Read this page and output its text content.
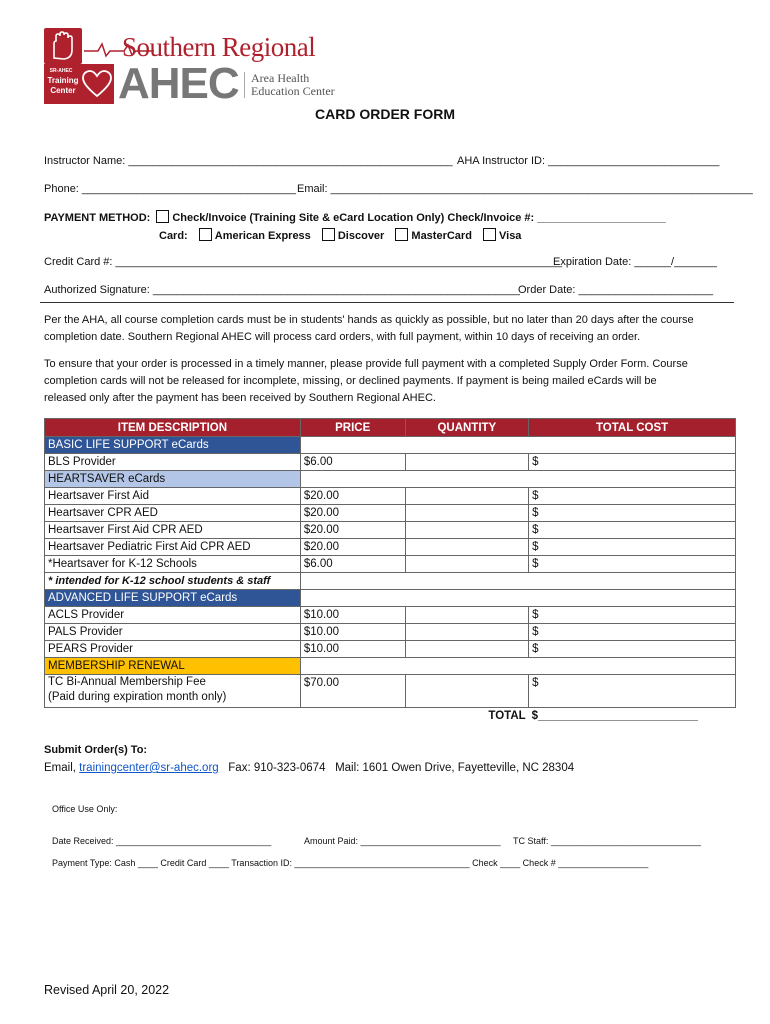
SR-AHEC
Training
Center
Southern Regional
AHEC Area Health
Education Center
CARD ORDER FORM
Instructor Name: _____________________________________________________ AHA Instructor ID: ____________________________
Phone: ___________________________________ Email: _____________________________________________________________________
PAYMENT METHOD: Check/Invoice (Training Site & eCard Location Only) Check/Invoice #: _____________________
Card: American Express Discover MasterCard Visa
Credit Card #: _________________________________________________________________________
Expiration Date: ______/_______
Authorized Signature: ____________________________________________________________
Order Date: ______________________
Per the AHA, all course completion cards must be in students' hands as quickly as possible, but no later than 20 days after the course
completion date. Southern Regional AHEC will process card orders, with full payment, within 10 days of receiving an order.
To ensure that your order is processed in a timely manner, please provide full payment with a completed Supply Order Form. Course
completion cards will not be released for incomplete, missing, or declined payments. If payment is being mailed eCards will be
released only after the payment has been received by Southern Regional AHEC.
ITEM DESCRIPTION	PRICE	QUANTITY	TOTAL COST
BASIC LIFE SUPPORT eCards			
BLS Provider	$6.00		$
HEARTSAVER eCards			
Heartsaver First Aid	$20.00		$
Heartsaver CPR AED	$20.00		$
Heartsaver First Aid CPR AED	$20.00		$
Heartsaver Pediatric First Aid CPR AED	$20.00		$
*Heartsaver for K-12 Schools	$6.00		$
* intended for K-12 school students & staff			
ADVANCED LIFE SUPPORT eCards			
ACLS Provider	$10.00		$
PALS Provider	$10.00		$
PEARS Provider	$10.00		$
MEMBERSHIP RENEWAL			

TC Bi-Annual Membership Fee
(Paid during expiration month only)	$70.00		$
		TOTAL	$_________________________
Submit Order(s) To:
Email, trainingcenter@sr-ahec.org Fax: 910-323-0674 Mail: 1601 Owen Drive, Fayetteville, NC 28304
Office Use Only:
Date Received: _______________________________	Amount Paid: ____________________________ TC Staff: ______________________________
Payment Type: Cash ____ Credit Card ____ Transaction ID: ___________________________________ Check ____ Check # __________________
Revised April 20, 2022
